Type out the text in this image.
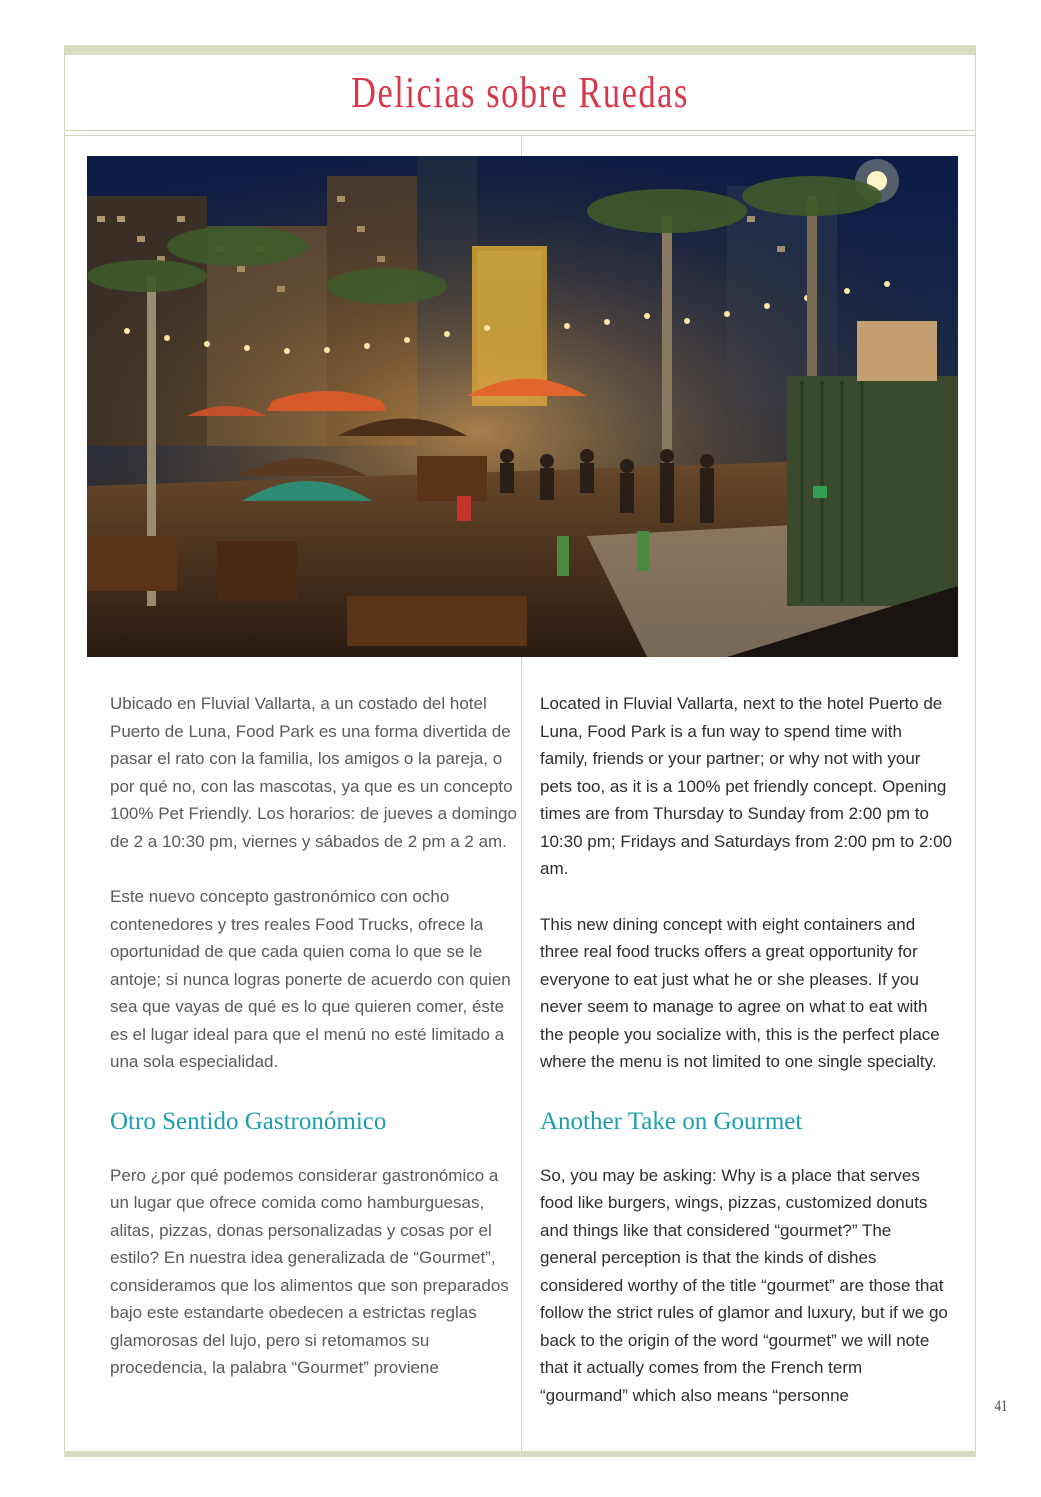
Delicias sobre Ruedas

Ubicado en Fluvial Vallarta, a un costado del hotel Puerto de Luna, Food Park es una forma divertida de pasar el rato con la familia, los amigos o la pareja, o por qué no, con las mascotas, ya que es un concepto 100% Pet Friendly. Los horarios: de jueves a domingo de 2 a 10:30 pm, viernes y sábados de 2 pm a 2 am.

Este nuevo concepto gastronómico con ocho contenedores y tres reales Food Trucks, ofrece la oportunidad de que cada quien coma lo que se le antoje; si nunca logras ponerte de acuerdo con quien sea que vayas de qué es lo que quieren comer, éste es el lugar ideal para que el menú no esté limitado a una sola especialidad.

Otro Sentido Gastronómico

Pero ¿por qué podemos considerar gastronómico a un lugar que ofrece comida como hamburguesas, alitas, pizzas, donas personalizadas y cosas por el estilo? En nuestra idea generalizada de “Gourmet”, consideramos que los alimentos que son preparados bajo este estandarte obedecen a estrictas reglas glamorosas del lujo, pero si retomamos su procedencia, la palabra “Gourmet” proviene

Located in Fluvial Vallarta, next to the hotel Puerto de Luna, Food Park is a fun way to spend time with family, friends or your partner; or why not with your pets too, as it is a 100% pet friendly concept. Opening times are from Thursday to Sunday from 2:00 pm to 10:30 pm; Fridays and Saturdays from 2:00 pm to 2:00 am.

This new dining concept with eight containers and three real food trucks offers a great opportunity for everyone to eat just what he or she pleases. If you never seem to manage to agree on what to eat with the people you socialize with, this is the perfect place where the menu is not limited to one single specialty.

Another Take on Gourmet

So, you may be asking: Why is a place that serves food like burgers, wings, pizzas, customized donuts and things like that considered “gourmet?” The general perception is that the kinds of dishes considered worthy of the title “gourmet” are those that follow the strict rules of glamor and luxury, but if we go back to the origin of the word “gourmet” we will note that it actually comes from the French term “gourmand” which also means “personne

41
